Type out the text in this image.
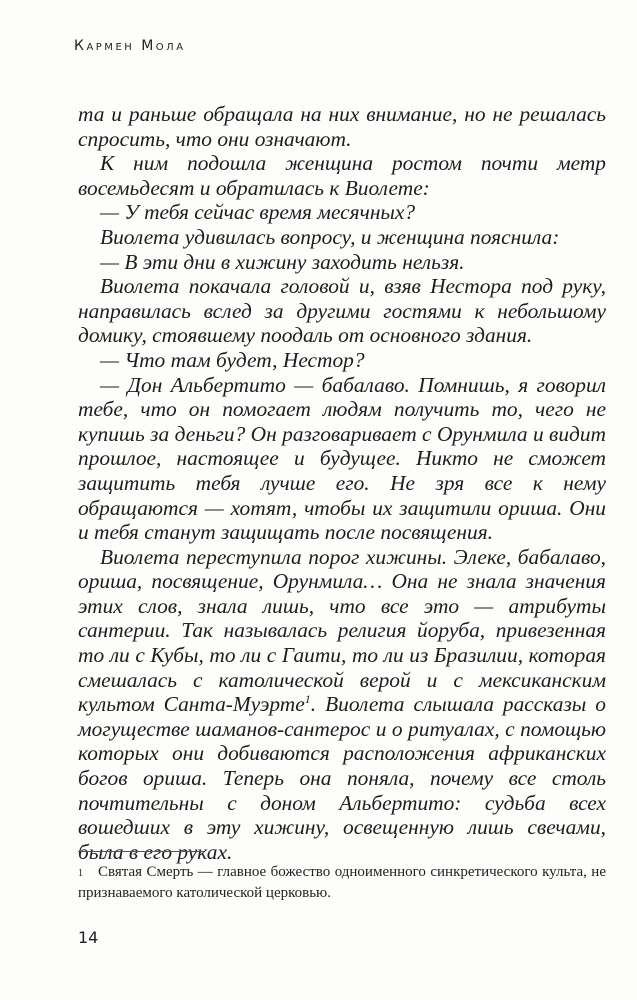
Кармен Мола

та и раньше обращала на них внимание, но не решалась спросить, что они означают.

К ним подошла женщина ростом почти метр восемьдесят и обратилась к Виолете:

— У тебя сейчас время месячных?

Виолета удивилась вопросу, и женщина пояснила:

— В эти дни в хижину заходить нельзя.

Виолета покачала головой и, взяв Нестора под руку, направилась вслед за другими гостями к небольшому домику, стоявшему поодаль от основного здания.

— Что там будет, Нестор?

— Дон Альбертито — бабалаво. Помнишь, я говорил тебе, что он помогает людям получить то, чего не купишь за деньги? Он разговаривает с Орунмила и видит прошлое, настоящее и будущее. Никто не сможет защитить тебя лучше его. Не зря все к нему обращаются — хотят, чтобы их защитили ориша. Они и тебя станут защищать после посвящения.

Виолета переступила порог хижины. Элеке, бабалаво, ориша, посвящение, Орунмила… Она не знала значения этих слов, знала лишь, что все это — атрибуты сантерии. Так называлась религия йоруба, привезенная то ли с Кубы, то ли с Гаити, то ли из Бразилии, которая смешалась с католической верой и с мексиканским культом Санта-Муэрте$^1$. Виолета слышала рассказы о могуществе шаманов-сантерос и о ритуалах, с помощью которых они добиваются расположения африканских богов ориша. Теперь она поняла, почему все столь почтительны с доном Альбертито: судьба всех вошедших в эту хижину, освещенную лишь свечами, была в его руках.

1 Святая Смерть — главное божество одноименного синкретического культа, не признаваемого католической церковью.
14
